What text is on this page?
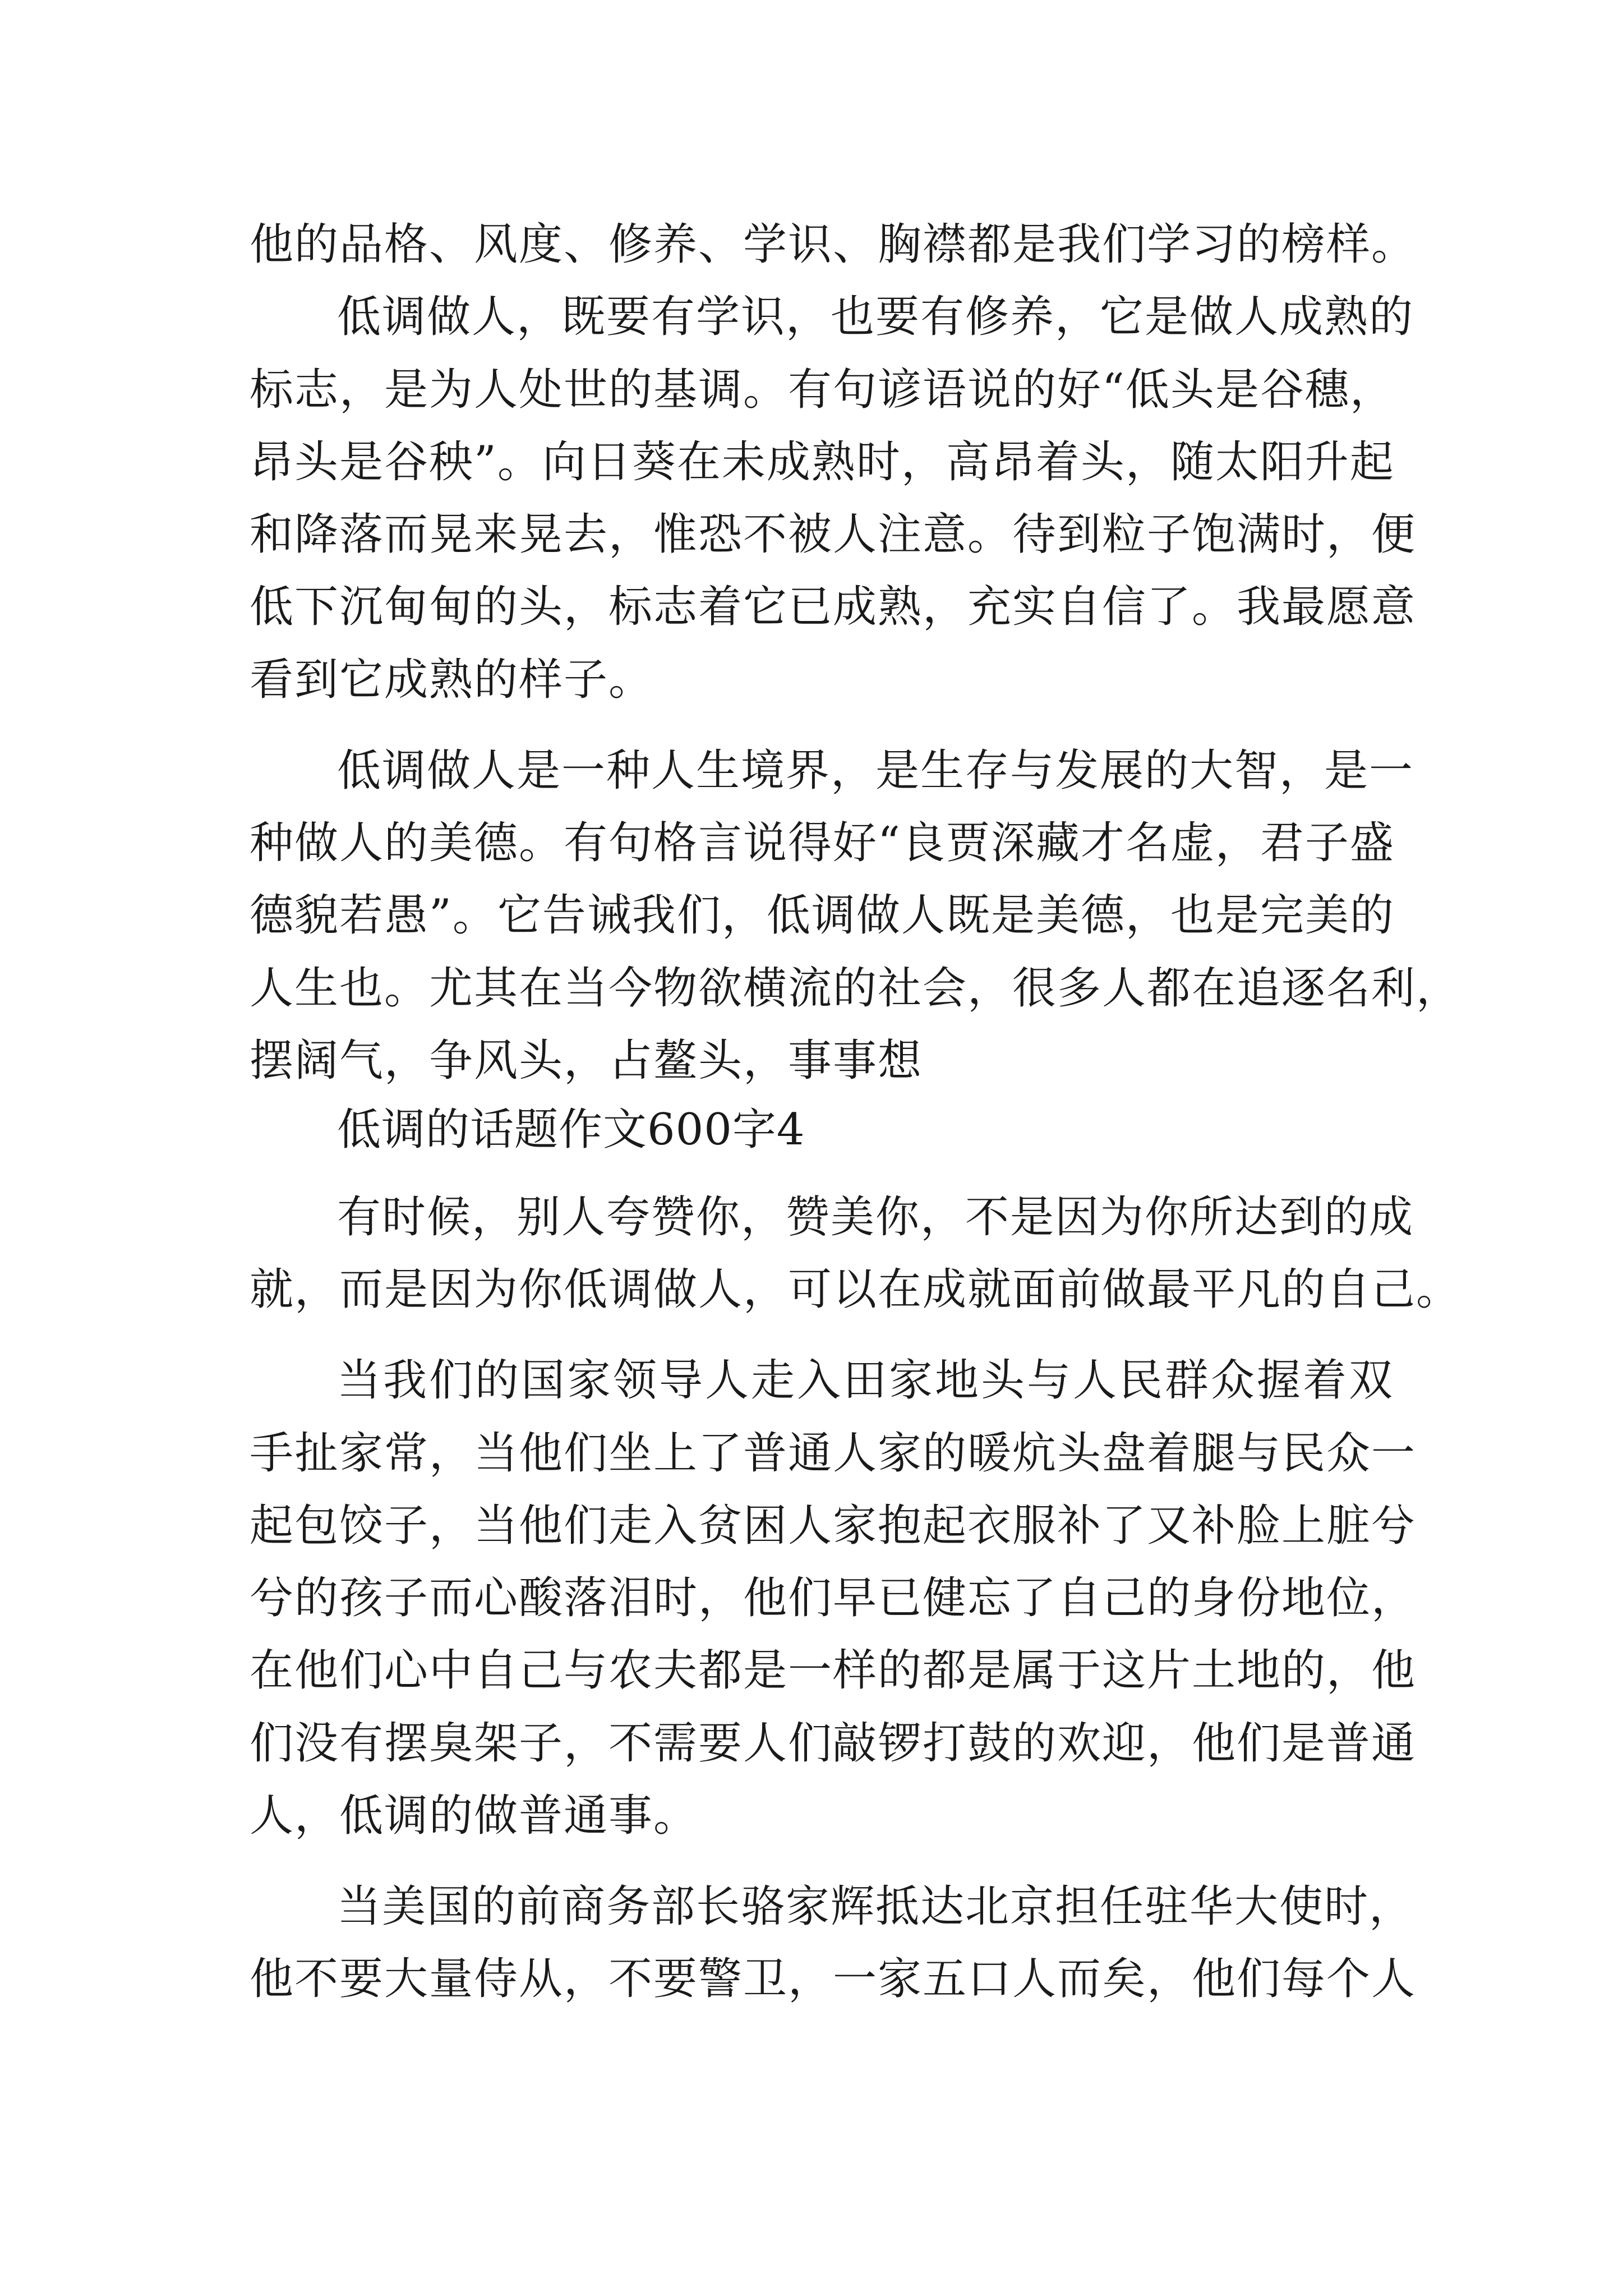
他的品格、风度、修养、学识、胸襟都是我们学习的榜样。
低调做人，既要有学识，也要有修养，它是做人成熟的
标志，是为人处世的基调。有句谚语说的好“低头是谷穗，
昂头是谷秧”。向日葵在未成熟时，高昂着头，随太阳升起
和降落而晃来晃去，惟恐不被人注意。待到粒子饱满时，便
低下沉甸甸的头，标志着它已成熟，充实自信了。我最愿意
看到它成熟的样子。
低调做人是一种人生境界，是生存与发展的大智，是一
种做人的美德。有句格言说得好“良贾深藏才名虚，君子盛
德貌若愚”。它告诫我们，低调做人既是美德，也是完美的
人生也。尤其在当今物欲横流的社会，很多人都在追逐名利，
摆阔气，争风头，占鳌头，事事想
低调的话题作文600字4
有时候，别人夸赞你，赞美你，不是因为你所达到的成
就，而是因为你低调做人，可以在成就面前做最平凡的自己。
当我们的国家领导人走入田家地头与人民群众握着双
手扯家常，当他们坐上了普通人家的暖炕头盘着腿与民众一
起包饺子，当他们走入贫困人家抱起衣服补了又补脸上脏兮
兮的孩子而心酸落泪时，他们早已健忘了自己的身份地位，
在他们心中自己与农夫都是一样的都是属于这片土地的，他
们没有摆臭架子，不需要人们敲锣打鼓的欢迎，他们是普通
人，低调的做普通事。
当美国的前商务部长骆家辉抵达北京担任驻华大使时，
他不要大量侍从，不要警卫，一家五口人而矣，他们每个人
